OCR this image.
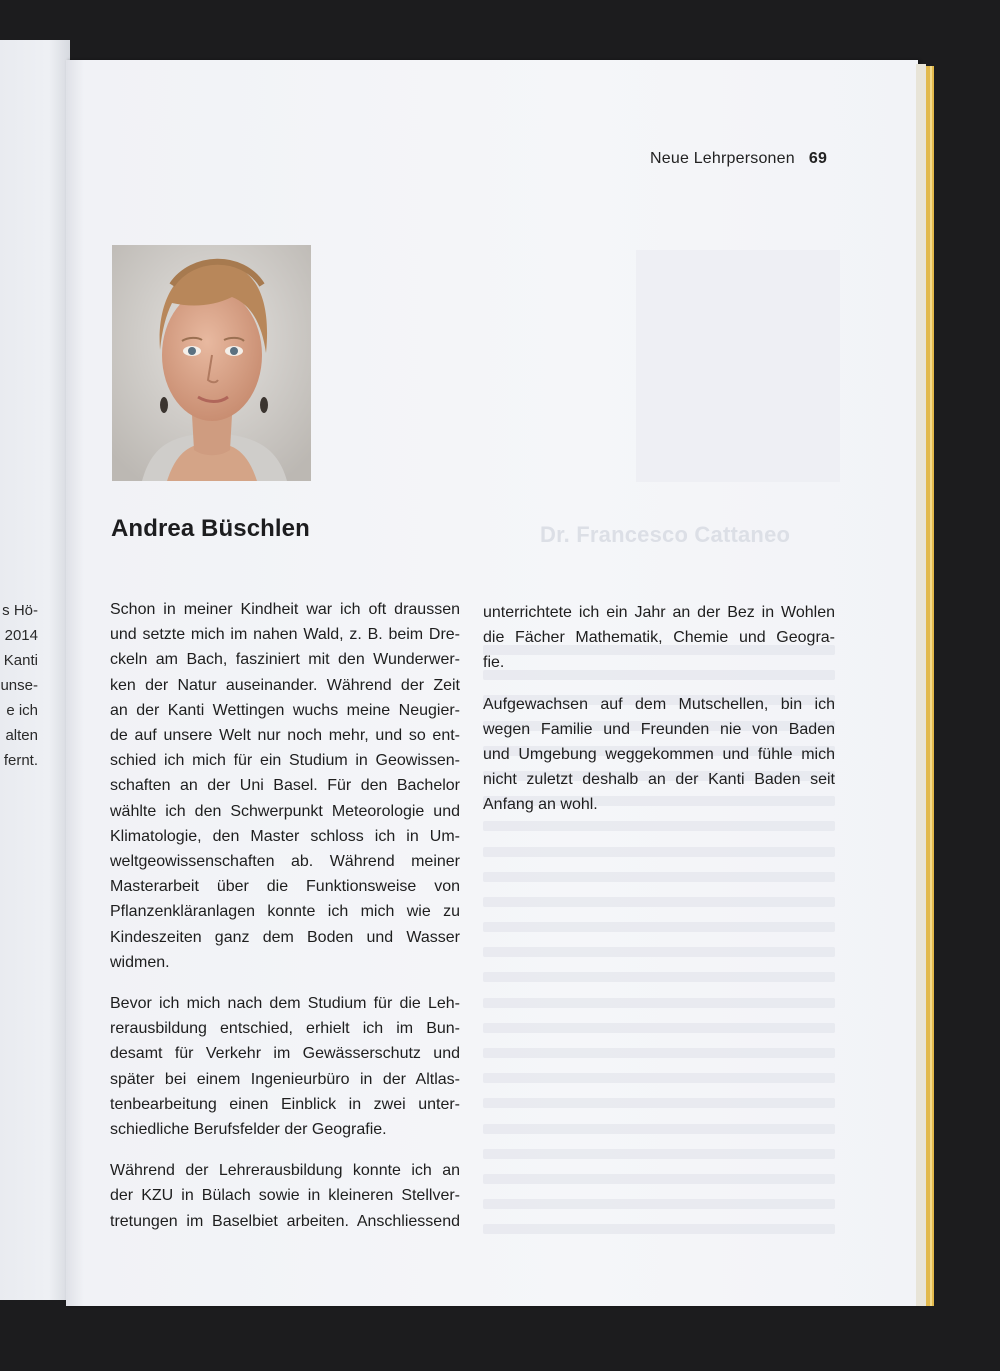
s Hö-
2014
Kanti
unse-
e ich
alten
fernt.
Neue Lehrpersonen 69
Dr. Francesco Cattaneo
Andrea Büschlen

Schon in meiner Kindheit war ich oft draussen
und setzte mich im nahen Wald, z. B. beim Dre-
ckeln am Bach, fasziniert mit den Wunderwer-
ken der Natur auseinander. Während der Zeit
an der Kanti Wettingen wuchs meine Neugier-
de auf unsere Welt nur noch mehr, und so ent-
schied ich mich für ein Studium in Geowissen-
schaften an der Uni Basel. Für den Bachelor
wählte ich den Schwerpunkt Meteorologie und
Klimatologie, den Master schloss ich in Um-
weltgeowissenschaften ab. Während meiner
Masterarbeit über die Funktionsweise von
Pflanzenkläranlagen konnte ich mich wie zu
Kindeszeiten ganz dem Boden und Wasser
widmen.

Bevor ich mich nach dem Studium für die Leh-
rerausbildung entschied, erhielt ich im Bun-
desamt für Verkehr im Gewässerschutz und
später bei einem Ingenieurbüro in der Altlas-
tenbearbeitung einen Einblick in zwei unter-
schiedliche Berufsfelder der Geografie.

Während der Lehrerausbildung konnte ich an
der KZU in Bülach sowie in kleineren Stellver-
tretungen im Baselbiet arbeiten. Anschliessend

unterrichtete ich ein Jahr an der Bez in Wohlen
die Fächer Mathematik, Chemie und Geogra-
fie.

Aufgewachsen auf dem Mutschellen, bin ich
wegen Familie und Freunden nie von Baden
und Umgebung weggekommen und fühle mich
nicht zuletzt deshalb an der Kanti Baden seit
Anfang an wohl.
